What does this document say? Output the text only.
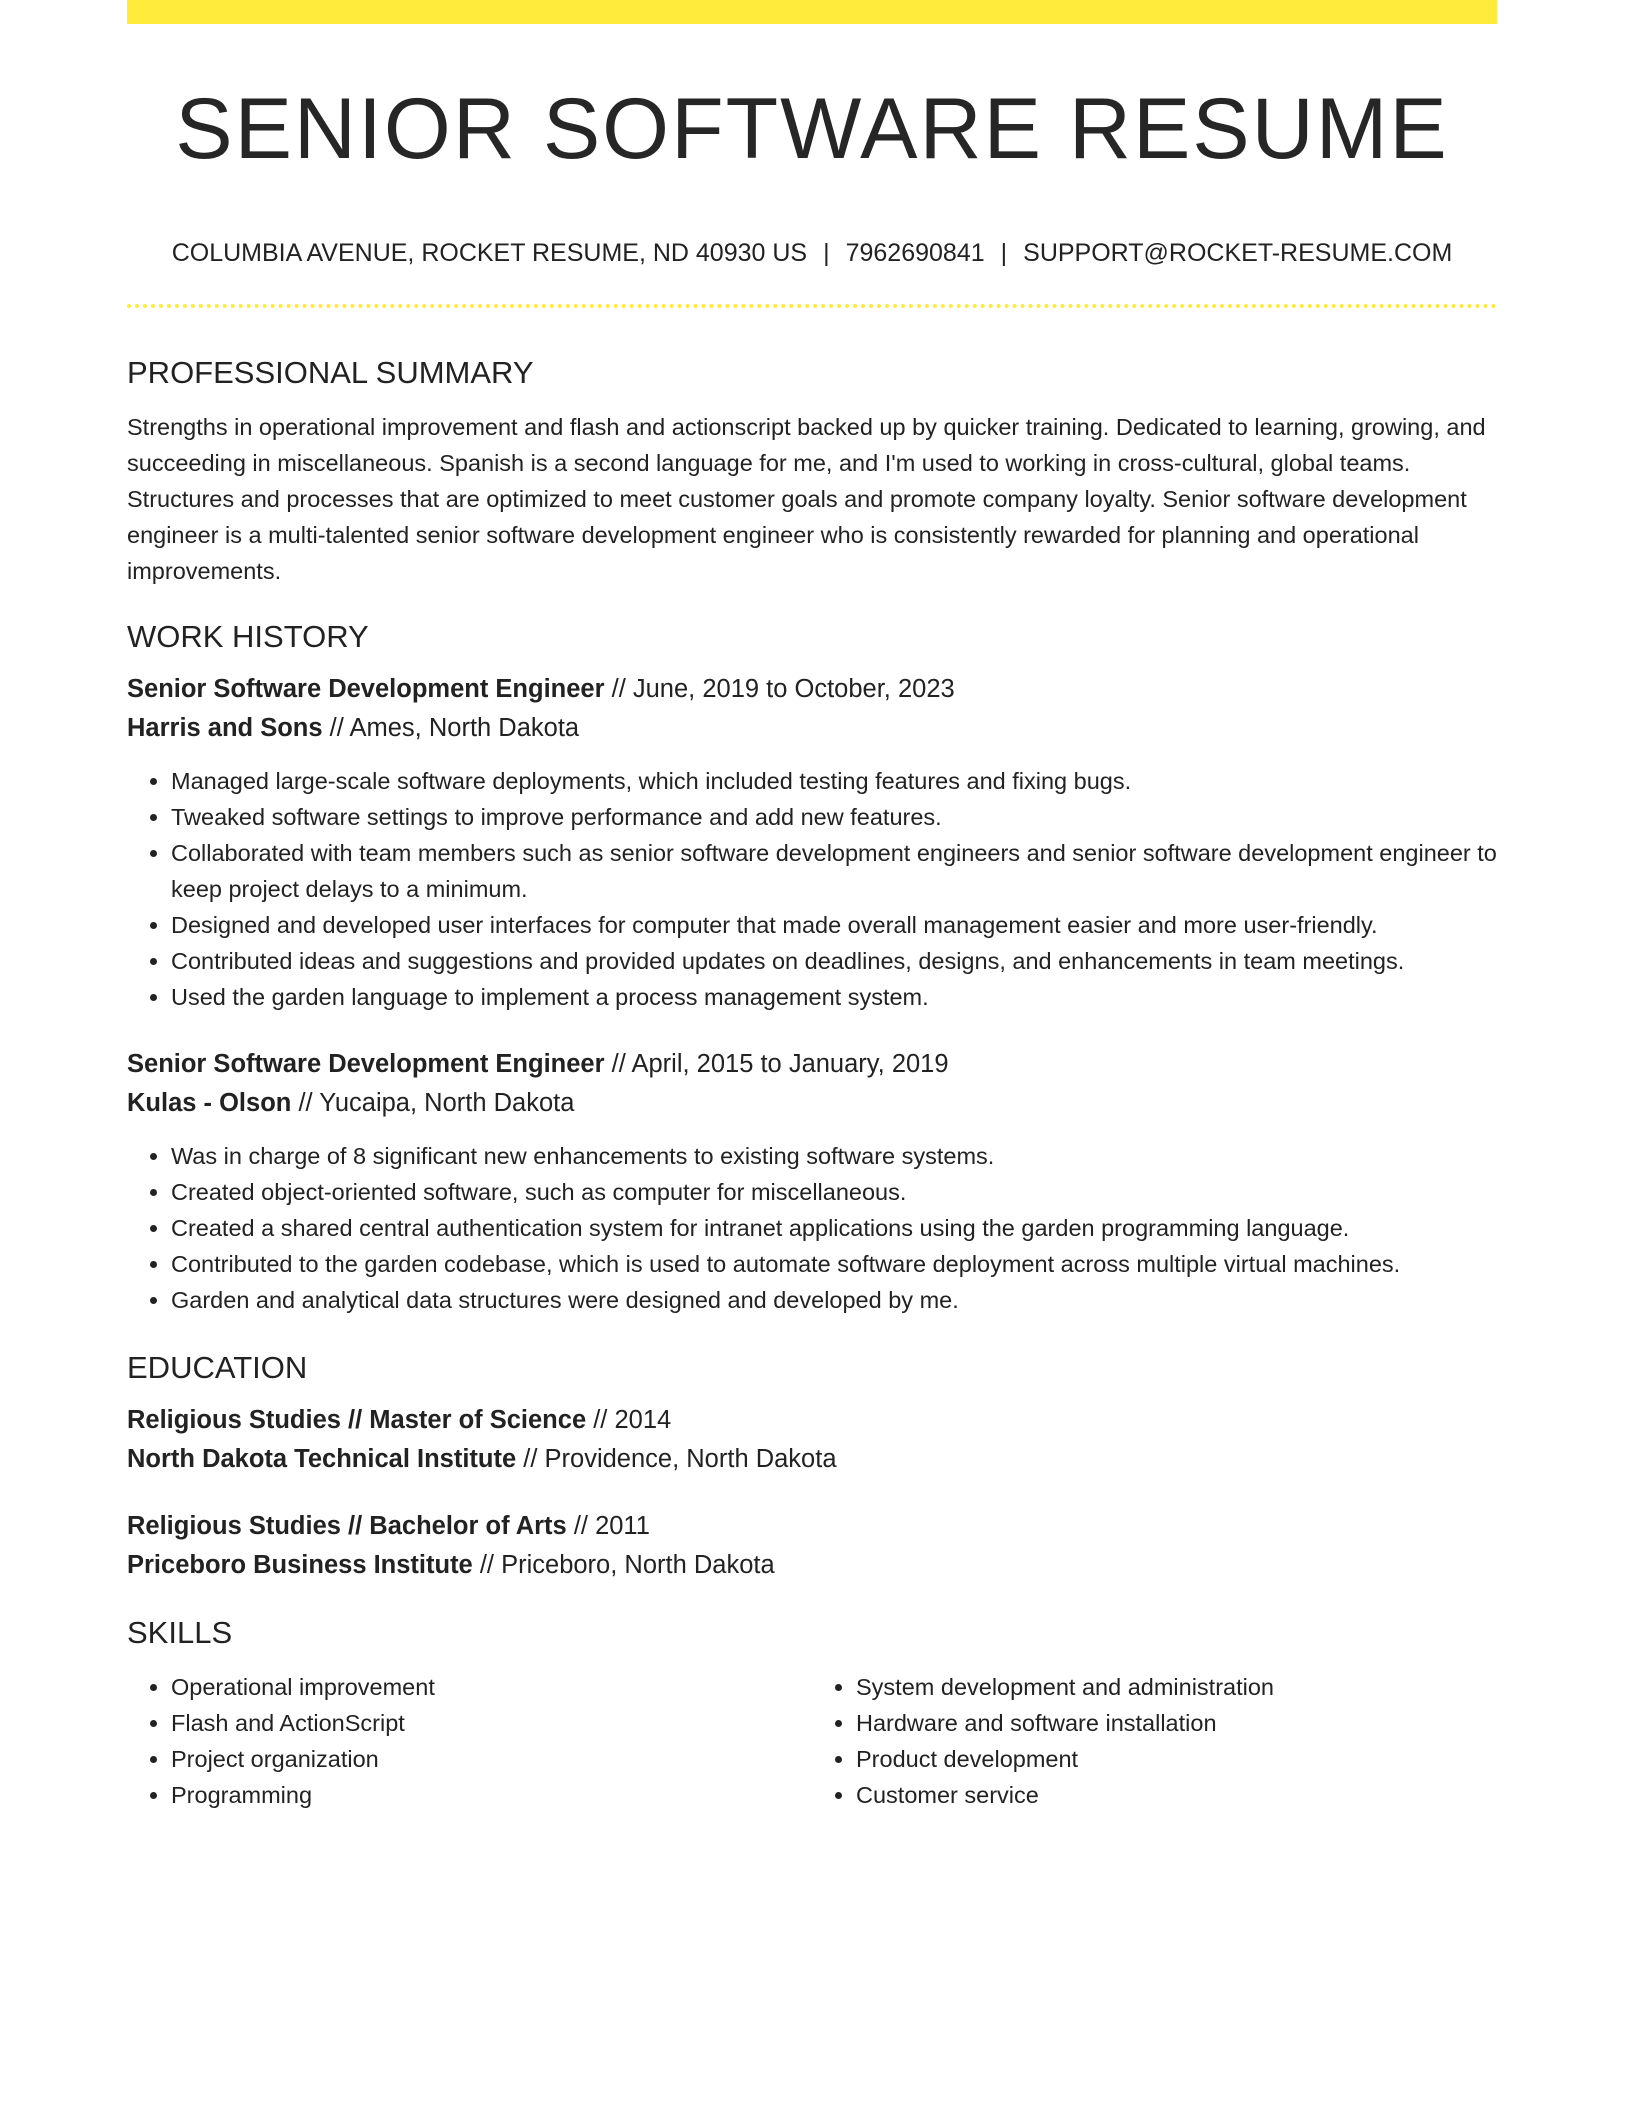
SENIOR SOFTWARE RESUME
COLUMBIA AVENUE, ROCKET RESUME, ND 40930 US | 7962690841 | SUPPORT@ROCKET-RESUME.COM
PROFESSIONAL SUMMARY

Strengths in operational improvement and flash and actionscript backed up by quicker training. Dedicated to learning, growing, and succeeding in miscellaneous. Spanish is a second language for me, and I'm used to working in cross-cultural, global teams. Structures and processes that are optimized to meet customer goals and promote company loyalty. Senior software development engineer is a multi-talented senior software development engineer who is consistently rewarded for planning and operational improvements.

WORK HISTORY

Senior Software Development Engineer // June, 2019 to October, 2023

Harris and Sons // Ames, North Dakota

• Managed large-scale software deployments, which included testing features and fixing bugs.
• Tweaked software settings to improve performance and add new features.
• Collaborated with team members such as senior software development engineers and senior software development engineer to keep project delays to a minimum.
• Designed and developed user interfaces for computer that made overall management easier and more user-friendly.
• Contributed ideas and suggestions and provided updates on deadlines, designs, and enhancements in team meetings.
• Used the garden language to implement a process management system.

Senior Software Development Engineer // April, 2015 to January, 2019

Kulas - Olson // Yucaipa, North Dakota

• Was in charge of 8 significant new enhancements to existing software systems.
• Created object-oriented software, such as computer for miscellaneous.
• Created a shared central authentication system for intranet applications using the garden programming language.
• Contributed to the garden codebase, which is used to automate software deployment across multiple virtual machines.
• Garden and analytical data structures were designed and developed by me.
EDUCATION

Religious Studies // Master of Science // 2014

North Dakota Technical Institute // Providence, North Dakota

Religious Studies // Bachelor of Arts // 2011

Priceboro Business Institute // Priceboro, North Dakota

SKILLS
• Operational improvement
• Flash and ActionScript
• Project organization
• Programming
• System development and administration
• Hardware and software installation
• Product development
• Customer service
